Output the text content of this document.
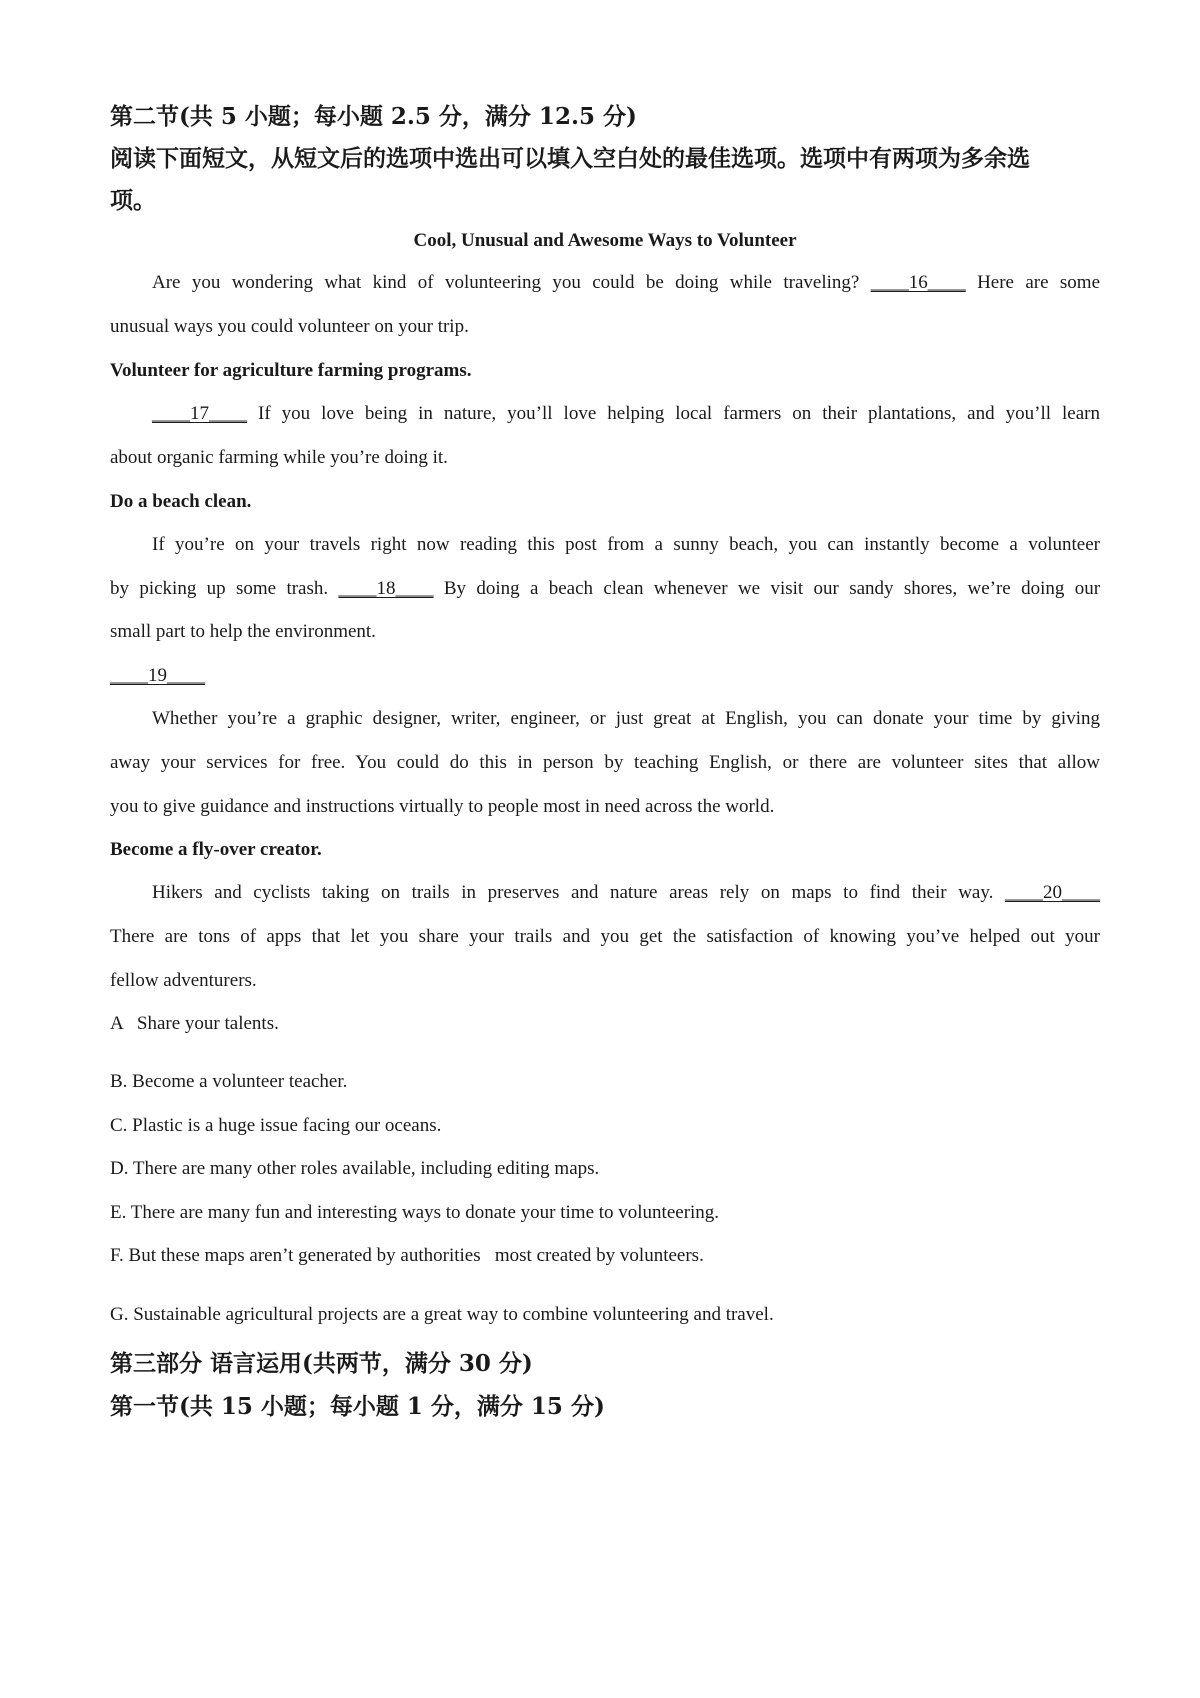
第二节(共 5 小题；每小题 2.5 分，满分 12.5 分)
阅读下面短文，从短文后的选项中选出可以填入空白处的最佳选项。选项中有两项为多余选
项。
Cool, Unusual and Awesome Ways to Volunteer
Are you wondering what kind of volunteering you could be doing while traveling? ____16____ Here are some
unusual ways you could volunteer on your trip.
Volunteer for agriculture farming programs.
____17____ If you love being in nature, you’ll love helping local farmers on their plantations, and you’ll learn
about organic farming while you’re doing it.
Do a beach clean.
If you’re on your travels right now reading this post from a sunny beach, you can instantly become a volunteer
by picking up some trash. ____18____ By doing a beach clean whenever we visit our sandy shores, we’re doing our
small part to help the environment.
____19____
Whether you’re a graphic designer, writer, engineer, or just great at English, you can donate your time by giving
away your services for free. You could do this in person by teaching English, or there are volunteer sites that allow
you to give guidance and instructions virtually to people most in need across the world.
Become a fly-over creator.
Hikers and cyclists taking on trails in preserves and nature areas rely on maps to find their way. ____20____
There are tons of apps that let you share your trails and you get the satisfaction of knowing you’ve helped out your
fellow adventurers.
A   Share your talents.
B. Become a volunteer teacher.
C. Plastic is a huge issue facing our oceans.
D. There are many other roles available, including editing maps.
E. There are many fun and interesting ways to donate your time to volunteering.
F. But these maps aren’t generated by authorities   most created by volunteers.
G. Sustainable agricultural projects are a great way to combine volunteering and travel.
第三部分 语言运用(共两节，满分 30 分)
第一节(共 15 小题；每小题 1 分，满分 15 分)
